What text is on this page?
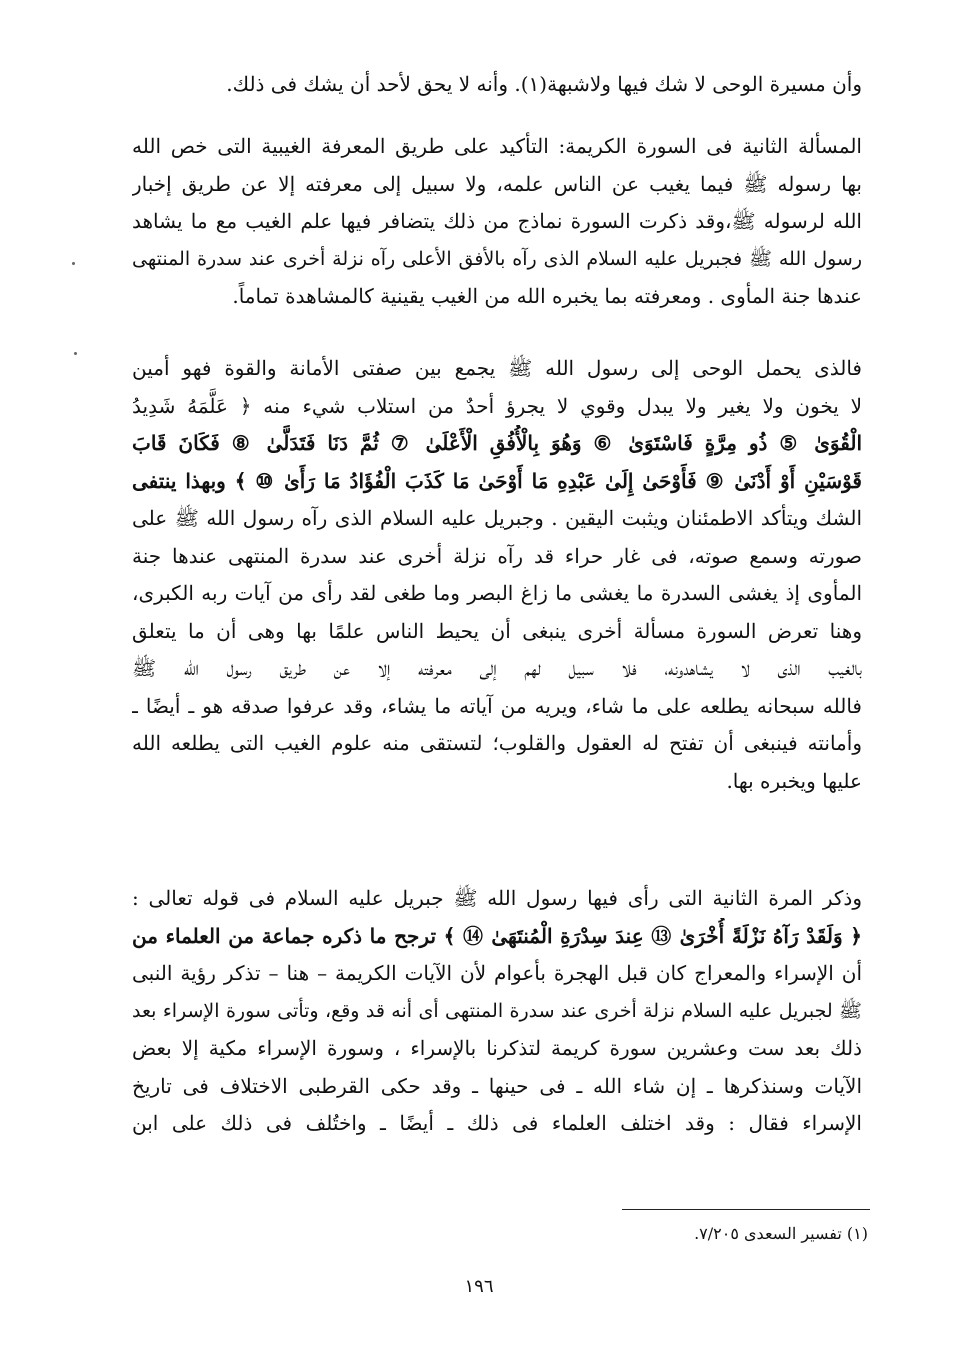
وأن مسيرة الوحى لا شك فيها ولاشبهة(١). وأنه لا يحق لأحد أن يشك فى ذلك.
المسألة الثانية فى السورة الكريمة: التأكيد على طريق المعرفة الغيبية التى خص الله
بها رسوله ﷺ فيما يغيب عن الناس علمه، ولا سبيل إلى معرفته إلا عن طريق إخبار
الله لرسوله ﷺ،وقد ذكرت السورة نماذج من ذلك يتضافر فيها علم الغيب مع ما يشاهد
رسول الله ﷺ فجبريل عليه السلام الذى رآه بالأفق الأعلى رآه نزلة أخرى عند سدرة المنتهى
عندها جنة المأوى . ومعرفته بما يخبره الله من الغيب يقينية كالمشاهدة تماماً.
فالذى يحمل الوحى إلى رسول الله ﷺ يجمع بين صفتى الأمانة والقوة فهو أمين
لا يخون ولا يغير ولا يبدل وقوي لا يجرؤ أحدٌ من استلاب شيء منه ﴿ عَلَّمَهُ شَدِيدُ
الْقُوَىٰ ⑤ ذُو مِرَّةٍ فَاسْتَوَىٰ ⑥ وَهُوَ بِالْأُفُقِ الْأَعْلَىٰ ⑦ ثُمَّ دَنَا فَتَدَلَّىٰ ⑧ فَكَانَ قَابَ
قَوْسَيْنِ أَوْ أَدْنَىٰ ⑨ فَأَوْحَىٰ إِلَىٰ عَبْدِهِ مَا أَوْحَىٰ مَا كَذَبَ الْفُؤَادُ مَا رَأَىٰ ⑩ ﴾ وبهذا ينتفى
الشك ويتأكد الاطمئنان ويثبت اليقين . وجبريل عليه السلام الذى رآه رسول الله ﷺ على
صورته وسمع صوته، فى غار حراء قد رآه نزلة أخرى عند سدرة المنتهى عندها جنة
المأوى إذ يغشى السدرة ما يغشى ما زاغ البصر وما طغى لقد رأى من آيات ربه الكبرى،
وهنا تعرض السورة مسألة أخرى ينبغى أن يحيط الناس علمًا بها وهى أن ما يتعلق
بالغيب الذى لا يشاهدونه، فلا سبيل لهم إلى معرفته إلا عن طريق رسول الله ﷺ
فالله سبحانه يطلعه على ما شاء، ويريه من آياته ما يشاء، وقد عرفوا صدقه هو ـ أيضًا ـ
وأمانته فينبغى أن تفتح له العقول والقلوب؛ لتستقى منه علوم الغيب التى يطلعه الله
عليها ويخبره بها.
وذكر المرة الثانية التى رأى فيها رسول الله ﷺ جبريل عليه السلام فى قوله تعالى :
﴿ وَلَقَدْ رَآهُ نَزْلَةً أُخْرَىٰ ⑬ عِندَ سِدْرَةِ الْمُنتَهَىٰ ⑭ ﴾ ترجح ما ذكره جماعة من العلماء من
أن الإسراء والمعراج كان قبل الهجرة بأعوام لأن الآيات الكريمة – هنا – تذكر رؤية النبى
ﷺ لجبريل عليه السلام نزلة أخرى عند سدرة المنتهى أى أنه قد وقع، وتأتى سورة الإسراء بعد
ذلك بعد ست وعشرين سورة كريمة لتذكرنا بالإسراء ، وسورة الإسراء مكية إلا بعض
الآيات وسنذكرها ـ إن شاء الله ـ فى حينها ـ وقد حكى القرطبى الاختلاف فى تاريخ
الإسراء فقال : وقد اختلف العلماء فى ذلك ـ أيضًا ـ واختُلف فى ذلك على ابن
(١) تفسير السعدى ٧/٢٠٥.
١٩٦
